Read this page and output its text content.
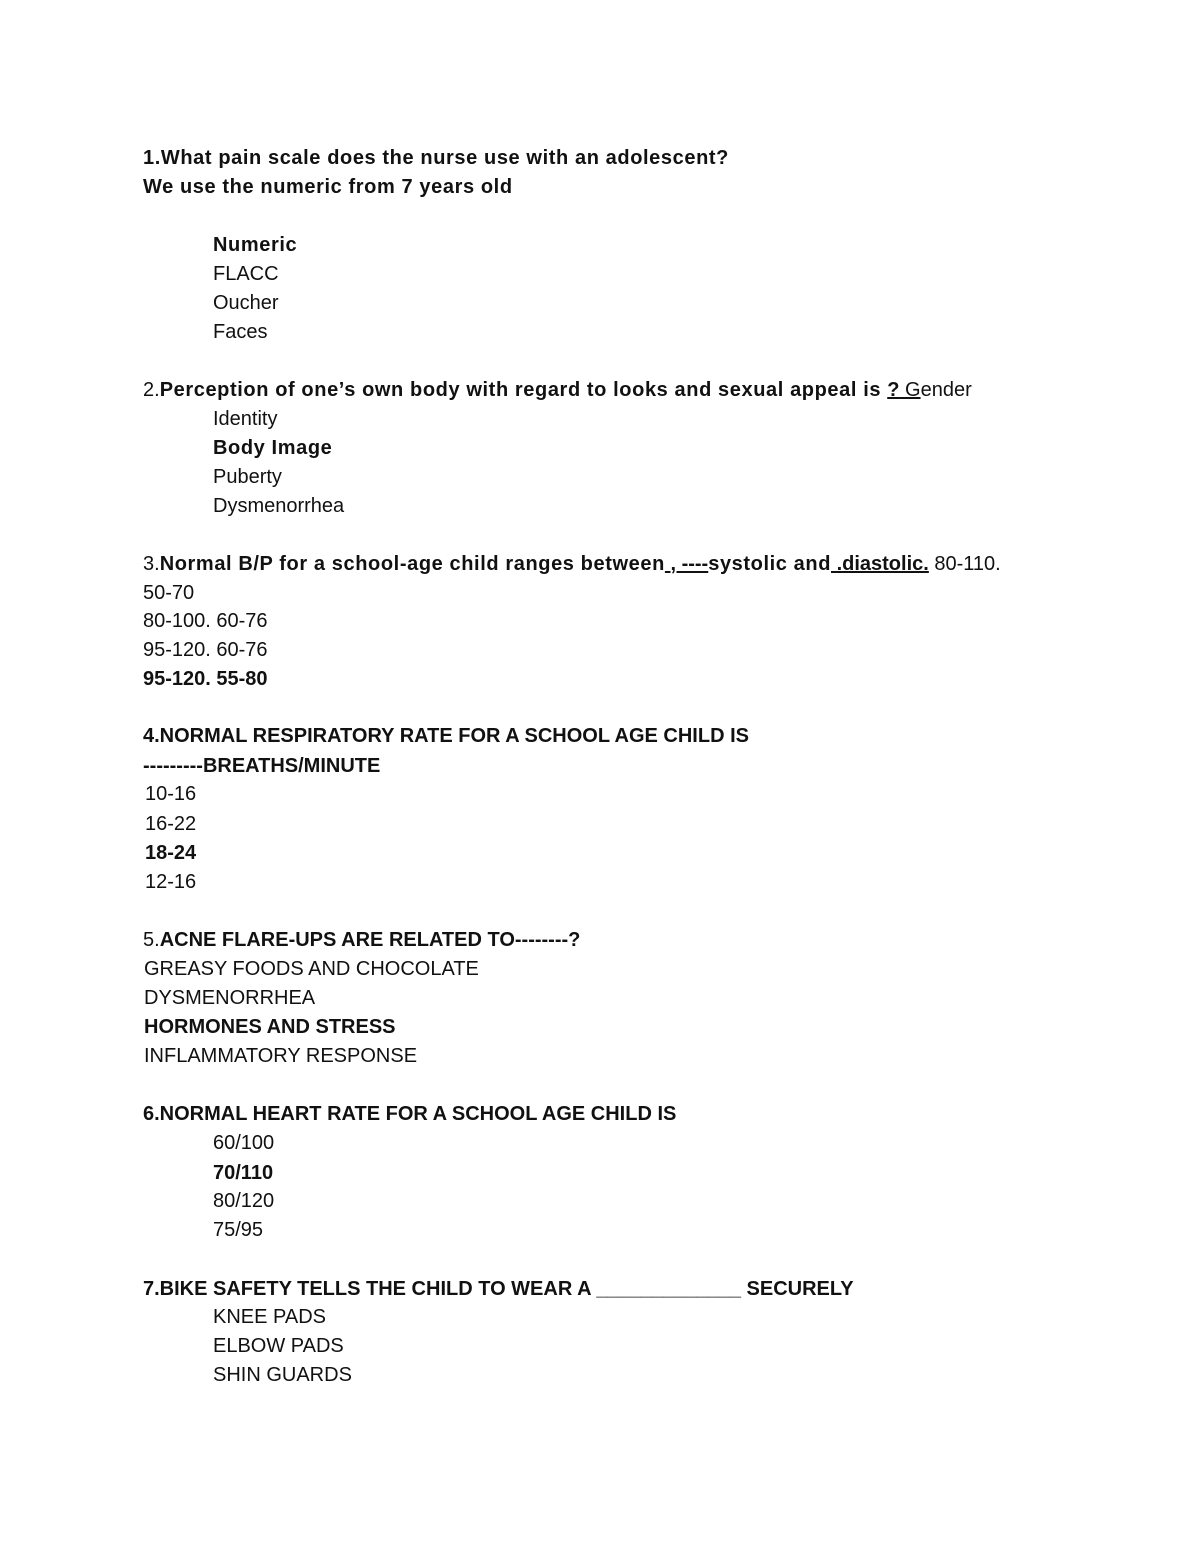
1.What pain scale does the nurse use with an adolescent?
We use the numeric from 7 years old
Numeric
FLACC
Oucher
Faces
2.Perception of one’s own body with regard to looks and sexual appeal is ? Gender
Identity
Body Image
Puberty
Dysmenorrhea
3.Normal B/P for a school-age child ranges between , ----systolic and .diastolic. 80-110.
50-70
80-100. 60-76
95-120. 60-76
95-120. 55-80
4.NORMAL RESPIRATORY RATE FOR A SCHOOL AGE CHILD IS
---------BREATHS/MINUTE
10-16
16-22
18-24
12-16
5.ACNE FLARE-UPS ARE RELATED TO--------?
GREASY FOODS AND CHOCOLATE
DYSMENORRHEA
HORMONES AND STRESS
INFLAMMATORY RESPONSE
6.NORMAL HEART RATE FOR A SCHOOL AGE CHILD IS
60/100
70/110
80/120
75/95
7.BIKE SAFETY TELLS THE CHILD TO WEAR A _____________ SECURELY
KNEE PADS
ELBOW PADS
SHIN GUARDS
